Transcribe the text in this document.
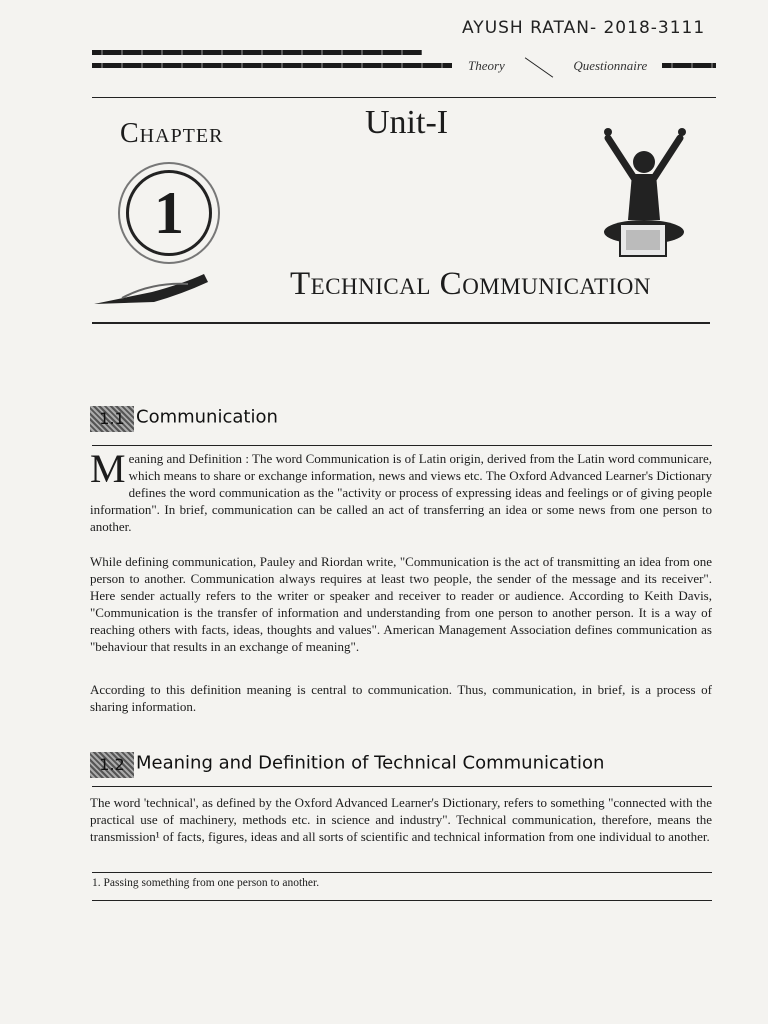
AYUSH RATAN- 2018-3111
Theory	Questionnaire
Chapter	Unit-I
1
Technical Communication
1.1 Communication

Meaning and Definition : The word Communication is of Latin origin, derived from the Latin word communicare, which means to share or exchange information, news and views etc. The Oxford Advanced Learner's Dictionary defines the word communication as the "activity or process of expressing ideas and feelings or of giving people information". In brief, communication can be called an act of transferring an idea or some news from one person to another.

While defining communication, Pauley and Riordan write, "Communication is the act of transmitting an idea from one person to another. Communication always requires at least two people, the sender of the message and its receiver". Here sender actually refers to the writer or speaker and receiver to reader or audience. According to Keith Davis, "Communication is the transfer of information and understanding from one person to another person. It is a way of reaching others with facts, ideas, thoughts and values". American Management Association defines communication as "behaviour that results in an exchange of meaning".

According to this definition meaning is central to communication. Thus, communication, in brief, is a process of sharing information.

1.2 Meaning and Definition of Technical Communication

The word 'technical', as defined by the Oxford Advanced Learner's Dictionary, refers to something "connected with the practical use of machinery, methods etc. in science and industry". Technical communication, therefore, means the transmission¹ of facts, figures, ideas and all sorts of scientific and technical information from one individual to another.

1. Passing something from one person to another.
